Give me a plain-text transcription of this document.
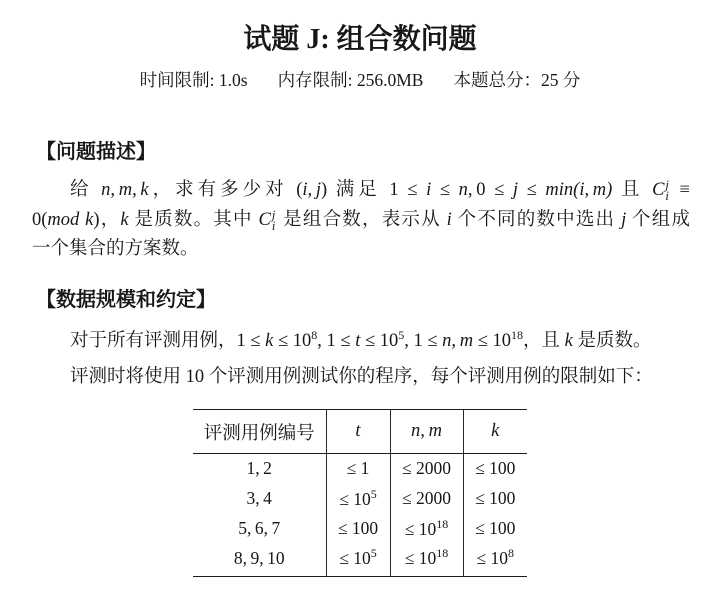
试题 J: 组合数问题
时间限制: 1.0s 内存限制: 256.0MB 本题总分：25 分
【问题描述】
给 n, m, k，求有多少对 (i, j) 满足 1 ≤ i ≤ n, 0 ≤ j ≤ min(i, m) 且 C j
i ≡
0(mod k)，k 是质数。其中 C j
i 是组合数，表示从 i 个不同的数中选出 j 个组成
一个集合的方案数。
【数据规模和约定】
对于所有评测用例，$1 \le k \le 10^8$, $1 \le t \le 10^5$, 1 ≤ n, $m \le 10^{18}$，且 k 是质数。
评测时将使用 10 个评测用例测试你的程序，每个评测用例的限制如下：
评测用例编号	t	n, m	k
1, 2	≤ 1	≤ 2000	≤ 100
3, 4	≤ $10^5$	≤ 2000	≤ 100
5, 6, 7	≤ 100	≤ $10^{18}$	≤ 100
8, 9, 10	≤ $10^5$	≤ $10^{18}$	≤ $10^8$
